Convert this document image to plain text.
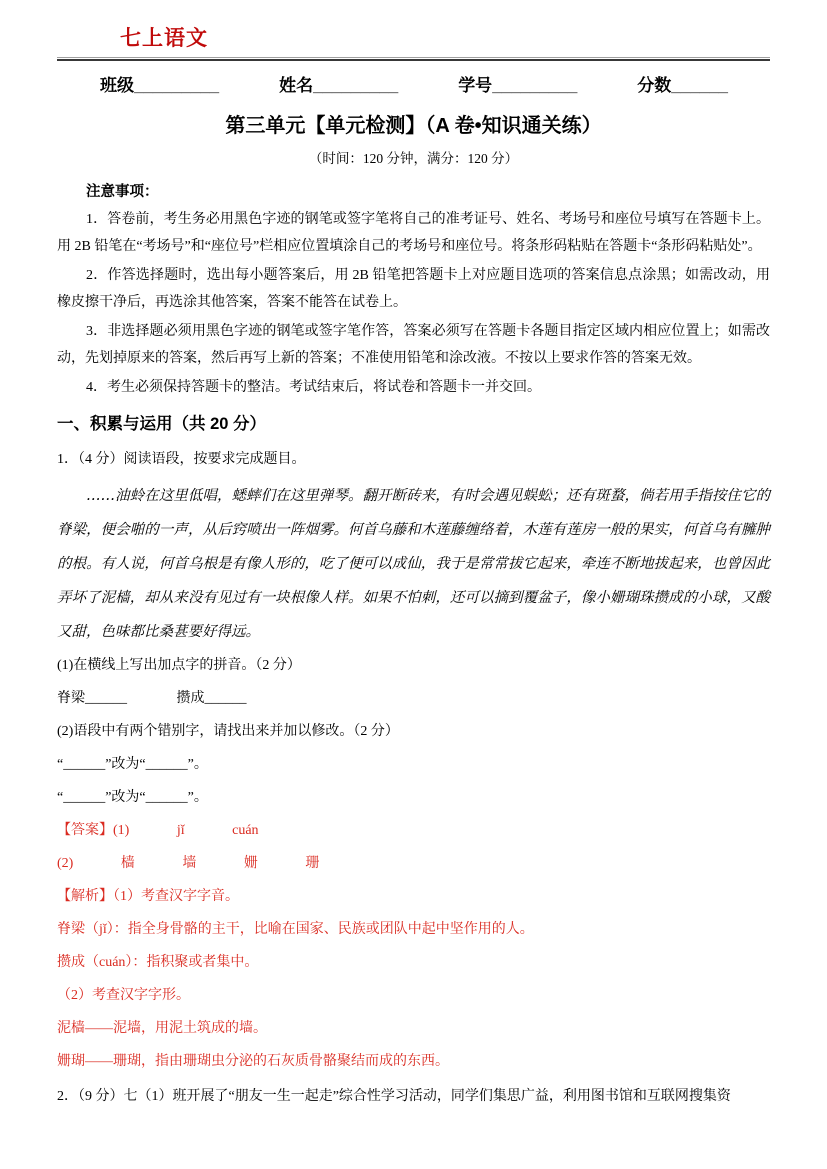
七上语文
班级_________	姓名_________	学号_________	分数______
第三单元【单元检测】（A 卷•知识通关练）
（时间：120 分钟，满分：120 分）
注意事项：

1．答卷前，考生务必用黑色字迹的钢笔或签字笔将自己的准考证号、姓名、考场号和座位号填写在答题卡上。用 2B 铅笔在“考场号”和“座位号”栏相应位置填涂自己的考场号和座位号。将条形码粘贴在答题卡“条形码粘贴处”。

2．作答选择题时，选出每小题答案后，用 2B 铅笔把答题卡上对应题目选项的答案信息点涂黑；如需改动，用橡皮擦干净后，再选涂其他答案，答案不能答在试卷上。

3．非选择题必须用黑色字迹的钢笔或签字笔作答，答案必须写在答题卡各题目指定区域内相应位置上；如需改动，先划掉原来的答案，然后再写上新的答案；不准使用铅笔和涂改液。不按以上要求作答的答案无效。

4．考生必须保持答题卡的整洁。考试结束后，将试卷和答题卡一并交回。

一、积累与运用（共 20 分）

1．（4 分）阅读语段，按要求完成题目。

……油蛉在这里低唱，蟋蟀们在这里弹琴。翻开断砖来，有时会遇见蜈蚣；还有斑蝥，倘若用手指按住它的脊梁，便会啪的一声，从后窍喷出一阵烟雾。何首乌藤和木莲藤缠络着，木莲有莲房一般的果实，何首乌有臃肿的根。有人说，何首乌根是有像人形的，吃了便可以成仙，我于是常常拔它起来，牵连不断地拔起来，也曾因此弄坏了泥樯，却从来没有见过有一块根像人样。如果不怕刺，还可以摘到覆盆子，像小姗瑚珠攒成的小球，又酸又甜，色味都比桑葚要好得远。

(1)在横线上写出加点字的拼音。（2 分）

脊梁______	攒成______

(2)语段中有两个错别字，请找出来并加以修改。（2 分）

“______”改为“______”。

“______”改为“______”。

【答案】(1)	jǐ	cuán

(2)	樯	墙	姗	珊

【解析】（1）考查汉字字音。

脊梁（jǐ）：指全身骨骼的主干，比喻在国家、民族或团队中起中坚作用的人。

攒成（cuán）：指积聚或者集中。

（2）考查汉字字形。

泥樯——泥墙，用泥土筑成的墙。

姗瑚——珊瑚，指由珊瑚虫分泌的石灰质骨骼聚结而成的东西。

2．（9 分）七（1）班开展了“朋友一生一起走”综合性学习活动，同学们集思广益，利用图书馆和互联网搜集资
